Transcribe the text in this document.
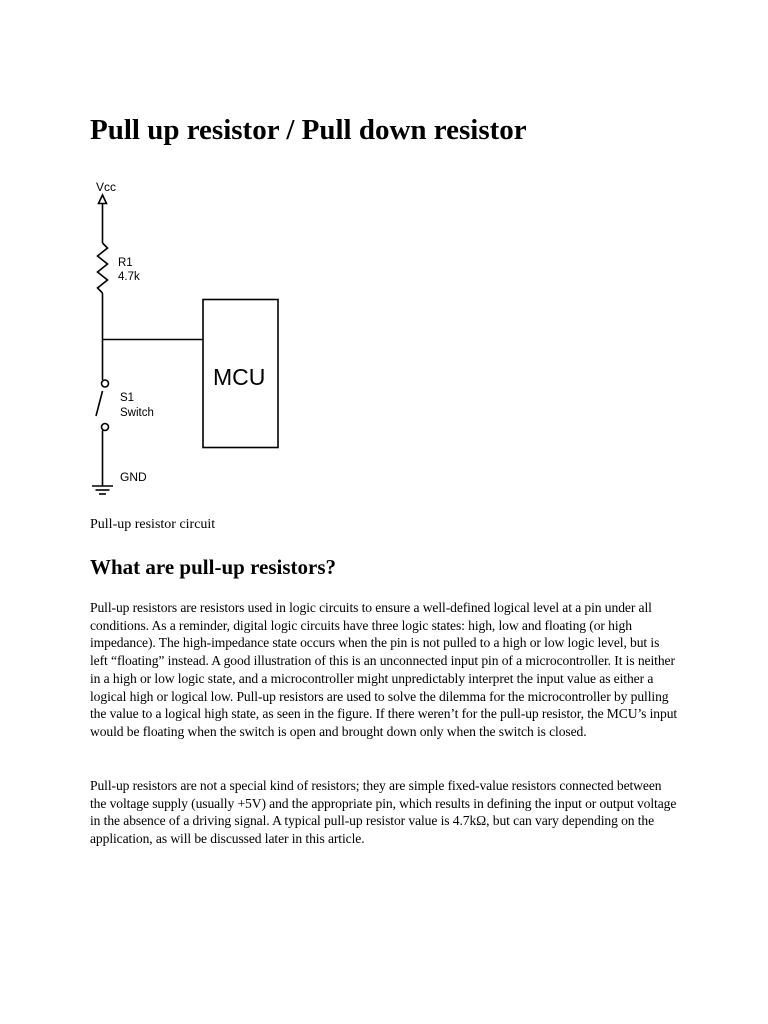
Pull up resistor / Pull down resistor
Vcc
R1
4.7k
MCU
S1
Switch
GND

Pull-up resistor circuit

What are pull-up resistors?

Pull-up resistors are resistors used in logic circuits to ensure a well-defined logical level at a pin under all conditions. As a reminder, digital logic circuits have three logic states: high, low and floating (or high impedance). The high-impedance state occurs when the pin is not pulled to a high or low logic level, but is left “floating” instead. A good illustration of this is an unconnected input pin of a microcontroller. It is neither in a high or low logic state, and a microcontroller might unpredictably interpret the input value as either a logical high or logical low. Pull-up resistors are used to solve the dilemma for the microcontroller by pulling the value to a logical high state, as seen in the figure. If there weren’t for the pull-up resistor, the MCU’s input would be floating when the switch is open and brought down only when the switch is closed.

Pull-up resistors are not a special kind of resistors; they are simple fixed-value resistors connected between the voltage supply (usually +5V) and the appropriate pin, which results in defining the input or output voltage in the absence of a driving signal. A typical pull-up resistor value is 4.7kΩ, but can vary depending on the application, as will be discussed later in this article.
